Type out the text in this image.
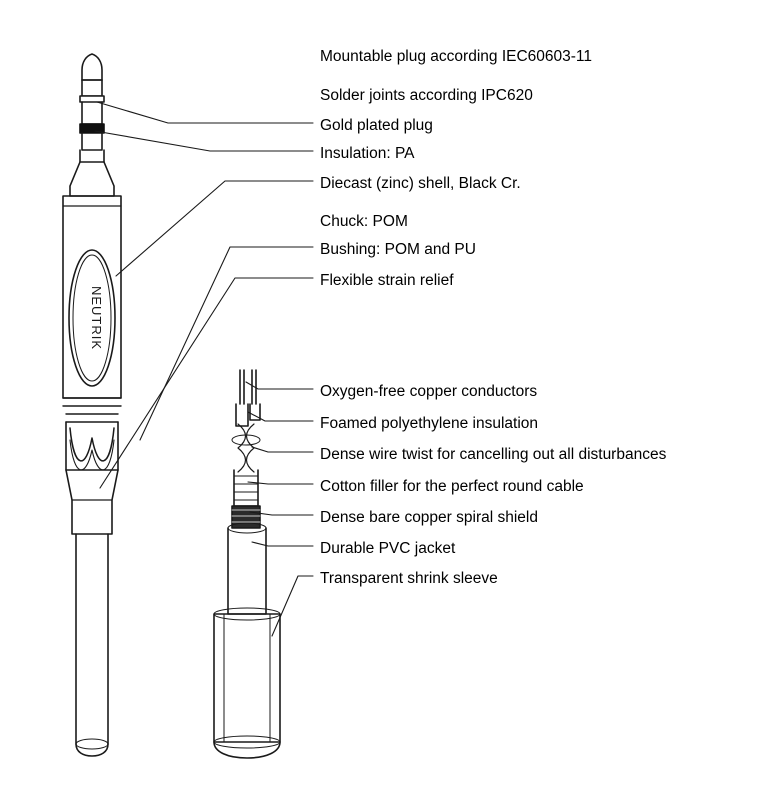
NEUTRIK
Mountable plug according IEC60603-11
Solder joints according IPC620
Gold plated plug
Insulation: PA
Diecast (zinc) shell, Black Cr.
Chuck: POM
Bushing: POM and PU
Flexible strain relief
Oxygen-free copper conductors
Foamed polyethylene insulation
Dense wire twist for cancelling out all disturbances
Cotton filler for the perfect round cable
Dense bare copper spiral shield
Durable PVC jacket
Transparent shrink sleeve
